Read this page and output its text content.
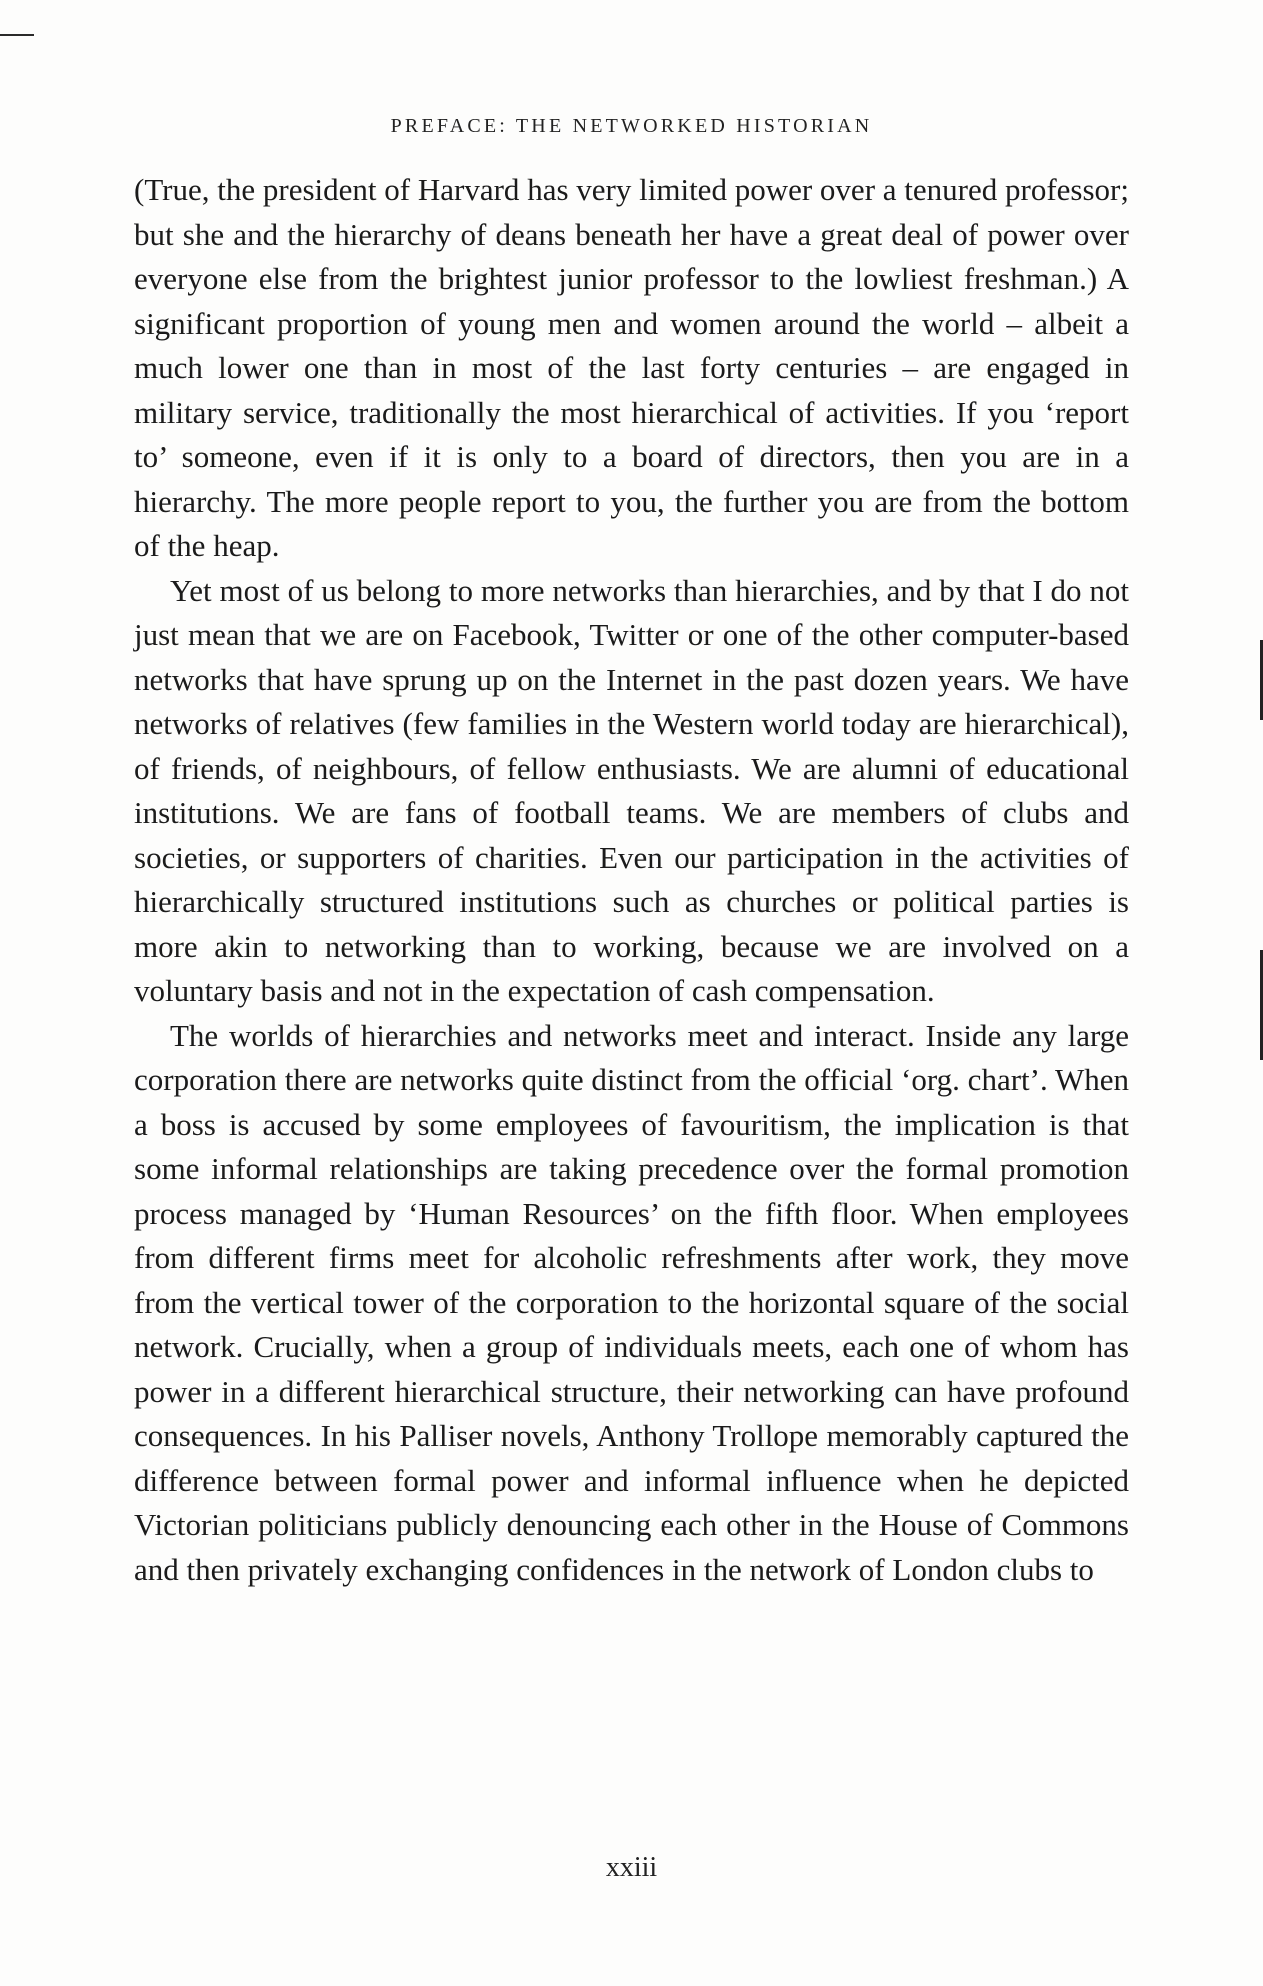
PREFACE: THE NETWORKED HISTORIAN

(True, the president of Harvard has very limited power over a tenured professor; but she and the hierarchy of deans beneath her have a great deal of power over everyone else from the brightest junior professor to the lowliest freshman.) A significant proportion of young men and women around the world – albeit a much lower one than in most of the last forty centuries – are engaged in military service, traditionally the most hierarchical of activities. If you ‘report to’ someone, even if it is only to a board of directors, then you are in a hierarchy. The more people report to you, the further you are from the bottom of the heap.

Yet most of us belong to more networks than hierarchies, and by that I do not just mean that we are on Facebook, Twitter or one of the other computer-based networks that have sprung up on the Internet in the past dozen years. We have networks of relatives (few families in the Western world today are hierarchical), of friends, of neighbours, of fellow enthusiasts. We are alumni of educational institutions. We are fans of football teams. We are members of clubs and societies, or supporters of charities. Even our participation in the activities of hierarchically structured institutions such as churches or political parties is more akin to networking than to working, because we are involved on a voluntary basis and not in the expectation of cash compensation.

The worlds of hierarchies and networks meet and interact. Inside any large corporation there are networks quite distinct from the official ‘org. chart’. When a boss is accused by some employees of favouritism, the implication is that some informal relationships are taking precedence over the formal promotion process managed by ‘Human Resources’ on the fifth floor. When employees from different firms meet for alcoholic refreshments after work, they move from the vertical tower of the corporation to the horizontal square of the social network. Crucially, when a group of individuals meets, each one of whom has power in a different hierarchical structure, their networking can have profound consequences. In his Palliser novels, Anthony Trollope memorably captured the difference between formal power and informal influence when he depicted Victorian politicians publicly denouncing each other in the House of Commons and then privately exchanging confidences in the network of London clubs to

xxiii
